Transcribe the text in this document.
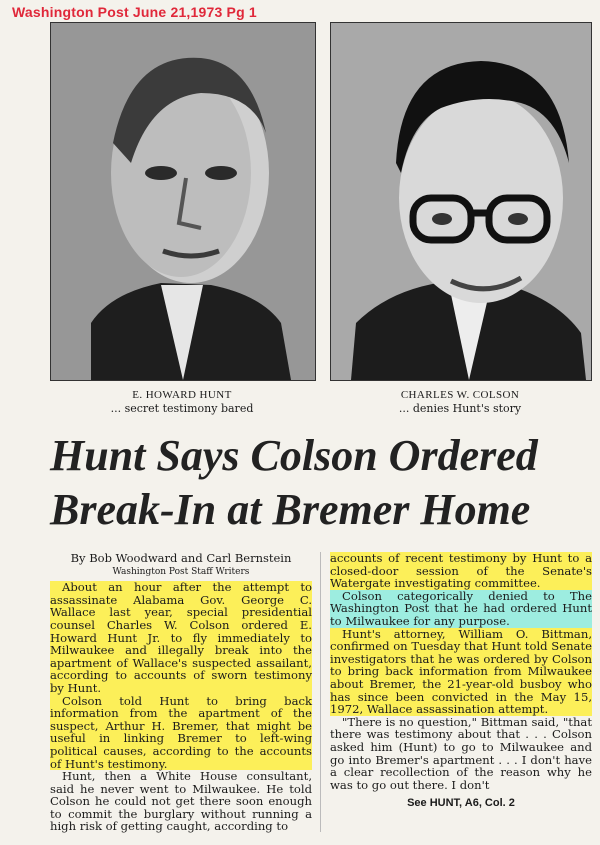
Washington Post June 21,1973 Pg 1
E. HOWARD HUNT
... secret testimony bared
CHARLES W. COLSON
... denies Hunt's story
Hunt Says Colson Ordered
Break-In at Bremer Home
By Bob Woodward and Carl Bernstein
Washington Post Staff Writers

About an hour after the attempt to assassinate Alabama Gov. George C. Wallace last year, special presidential counsel Charles W. Colson ordered E. Howard Hunt Jr. to fly immediately to Milwaukee and illegally break into the apartment of Wallace's suspected assailant, according to accounts of sworn testimony by Hunt.

Colson told Hunt to bring back information from the apartment of the suspect, Arthur H. Bremer, that might be useful in linking Bremer to left-wing political causes, according to the accounts of Hunt's testimony.

Hunt, then a White House consultant, said he never went to Milwaukee. He told Colson he could not get there soon enough to commit the burglary without running a high risk of getting caught, according to

accounts of recent testimony by Hunt to a closed-door session of the Senate's Watergate investigating committee.

Colson categorically denied to The Washington Post that he had ordered Hunt to Milwaukee for any purpose.

Hunt's attorney, William O. Bittman, confirmed on Tuesday that Hunt told Senate investigators that he was ordered by Colson to bring back information from Milwaukee about Bremer, the 21-year-old busboy who has since been convicted in the May 15, 1972, Wallace assassination attempt.

"There is no question," Bittman said, "that there was testimony about that . . . Colson asked him (Hunt) to go to Milwaukee and go into Bremer's apartment . . . I don't have a clear recollection of the reason why he was to go out there. I don't

See HUNT, A6, Col. 2
